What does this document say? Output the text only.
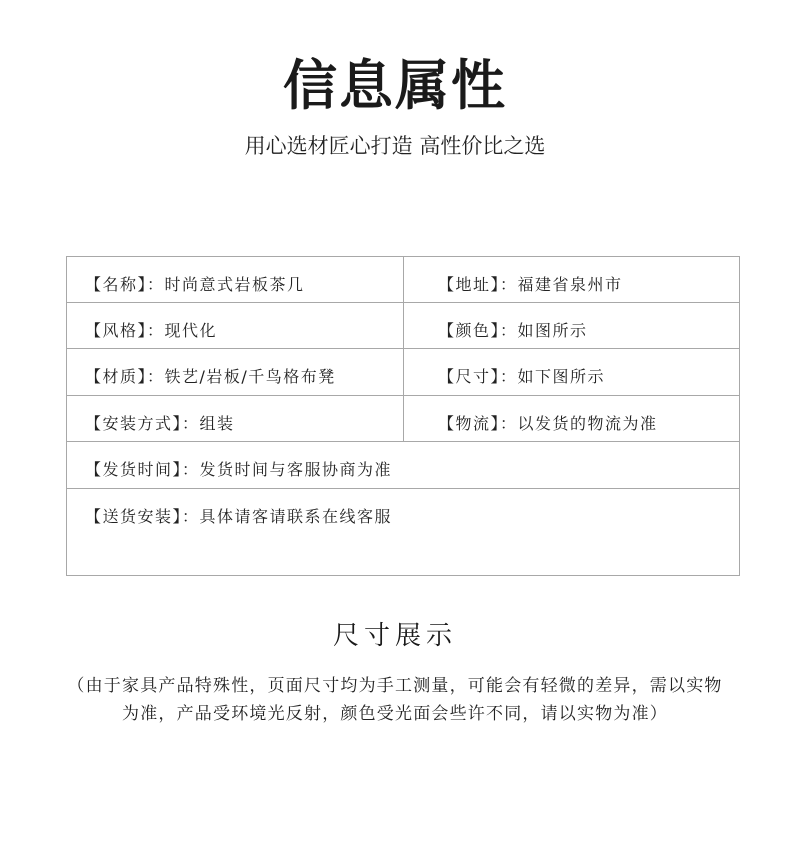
信息属性
用心选材匠心打造 高性价比之选
【名称】：时尚意式岩板茶几	【地址】：福建省泉州市
【风格】：现代化	【颜色】：如图所示
【材质】：铁艺/岩板/千鸟格布凳	【尺寸】：如下图所示
【安装方式】：组装	【物流】：以发货的物流为准
【发货时间】：发货时间与客服协商为准
【送货安装】：具体请客请联系在线客服
尺寸展示
（由于家具产品特殊性，页面尺寸均为手工测量，可能会有轻微的差异，需以实物
为准，产品受环境光反射，颜色受光面会些许不同，请以实物为准）
